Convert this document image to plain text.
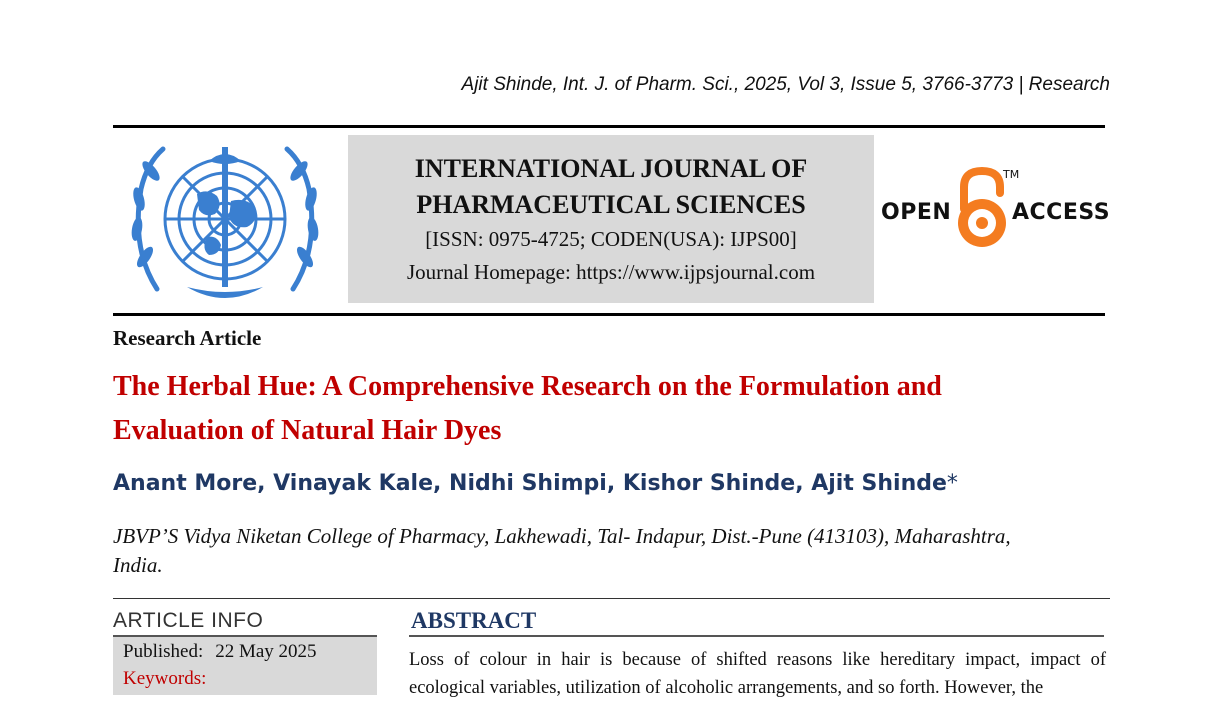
Ajit Shinde, Int. J. of Pharm. Sci., 2025, Vol 3, Issue 5, 3766-3773 | Research
INTERNATIONAL JOURNAL OF
PHARMACEUTICAL SCIENCES
[ISSN: 0975-4725; CODEN(USA): IJPS00]
Journal Homepage: https://www.ijpsjournal.com
OPEN
TM
ACCESS
Research Article
The Herbal Hue: A Comprehensive Research on the Formulation and
Evaluation of Natural Hair Dyes
Anant More, Vinayak Kale, Nidhi Shimpi, Kishor Shinde, Ajit Shinde*
JBVP’S Vidya Niketan College of Pharmacy, Lakhewadi, Tal- Indapur, Dist.-Pune (413103), Maharashtra,
India.
ARTICLE INFO
Published: 22 May 2025
Keywords:
ABSTRACT
Loss of colour in hair is because of shifted reasons like hereditary impact, impact of ecological variables, utilization of alcoholic arrangements, and so forth. However, the
